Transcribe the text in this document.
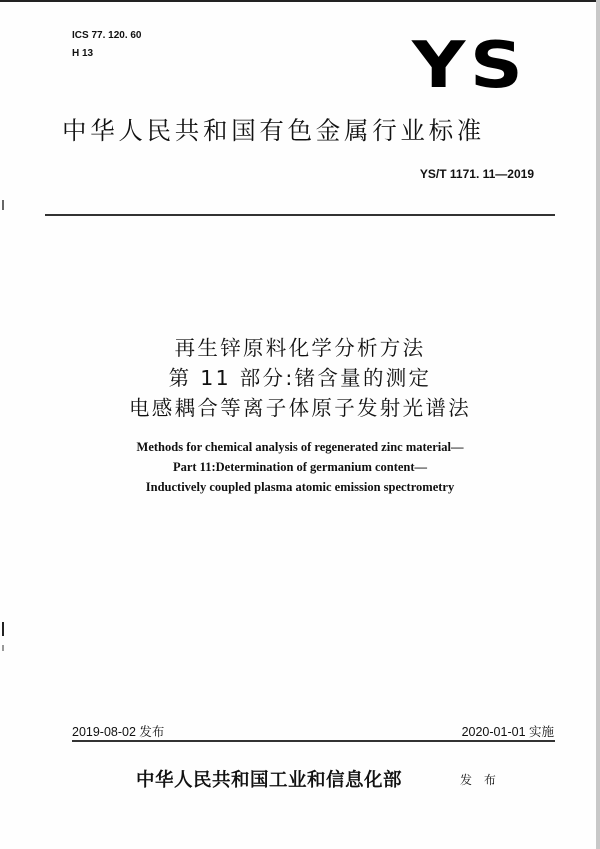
ICS 77. 120. 60
H 13	YS
中华人民共和国有色金属行业标准
YS/T 1171. 11—2019
再生锌原料化学分析方法
第 11 部分:锗含量的测定
电感耦合等离子体原子发射光谱法
Methods for chemical analysis of regenerated zinc material—
Part 11:Determination of germanium content—
Inductively coupled plasma atomic emission spectrometry
2019-08-02 发布	2020-01-01 实施
中华人民共和国工业和信息化部	发 布
